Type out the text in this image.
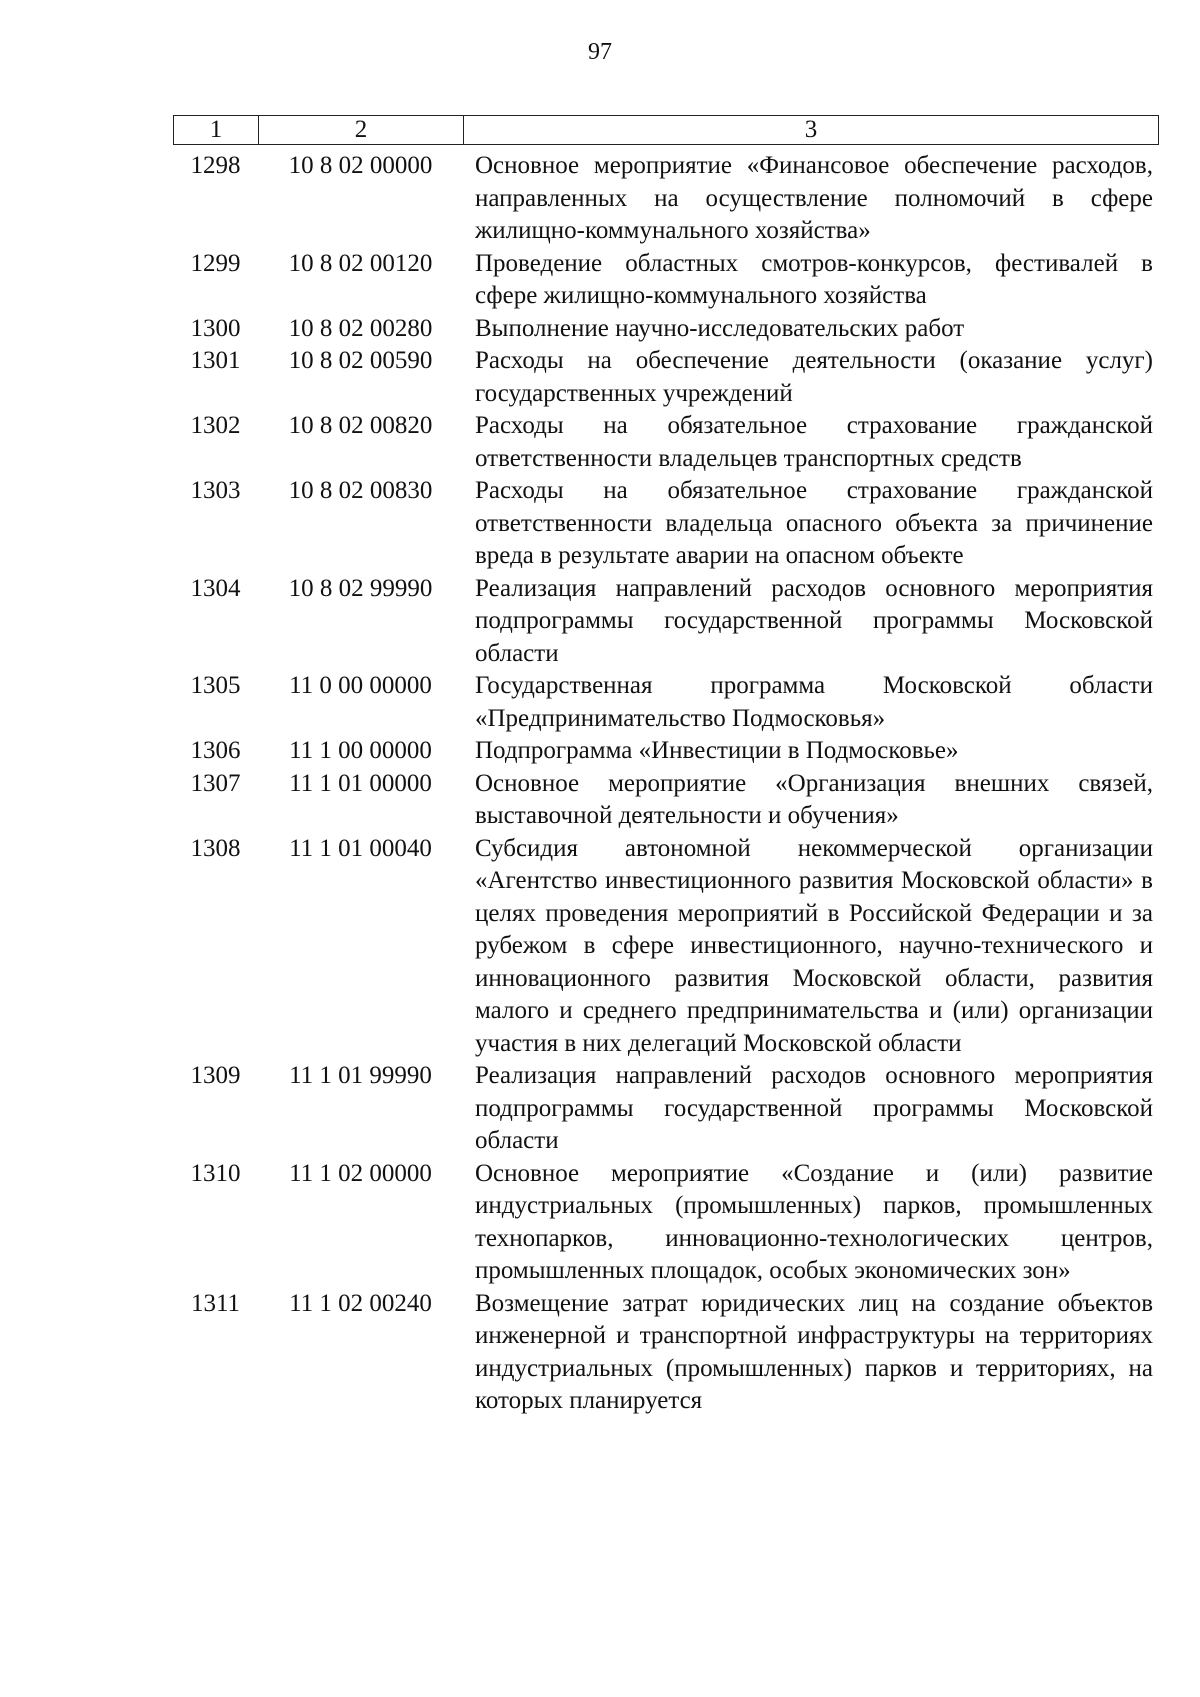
97
1	2	3
1298	10 8 02 00000	Основное мероприятие «Финансовое обеспечение расходов, направленных на осуществление полномочий в сфере жилищно-коммунального хозяйства»
1299	10 8 02 00120	Проведение областных смотров-конкурсов, фестивалей в сфере жилищно-коммунального хозяйства
1300	10 8 02 00280	Выполнение научно-исследовательских работ
1301	10 8 02 00590	Расходы на обеспечение деятельности (оказание услуг) государственных учреждений
1302	10 8 02 00820	Расходы на обязательное страхование гражданской ответственности владельцев транспортных средств
1303	10 8 02 00830	Расходы на обязательное страхование гражданской ответственности владельца опасного объекта за причинение вреда в результате аварии на опасном объекте
1304	10 8 02 99990	Реализация направлений расходов основного мероприятия подпрограммы государственной программы Московской области
1305	11 0 00 00000	Государственная программа Московской области «Предпринимательство Подмосковья»
1306	11 1 00 00000	Подпрограмма «Инвестиции в Подмосковье»
1307	11 1 01 00000	Основное мероприятие «Организация внешних связей, выставочной деятельности и обучения»
1308	11 1 01 00040	Субсидия автономной некоммерческой организации «Агентство инвестиционного развития Московской области» в целях проведения мероприятий в Российской Федерации и за рубежом в сфере инвестиционного, научно-технического и инновационного развития Московской области, развития малого и среднего предпринимательства и (или) организации участия в них делегаций Московской области
1309	11 1 01 99990	Реализация направлений расходов основного мероприятия подпрограммы государственной программы Московской области
1310	11 1 02 00000	Основное мероприятие «Создание и (или) развитие индустриальных (промышленных) парков, промышленных технопарков, инновационно-технологических центров, промышленных площадок, особых экономических зон»
1311	11 1 02 00240	Возмещение затрат юридических лиц на создание объектов инженерной и транспортной инфраструктуры на территориях индустриальных (промышленных) парков и территориях, на которых планируется
